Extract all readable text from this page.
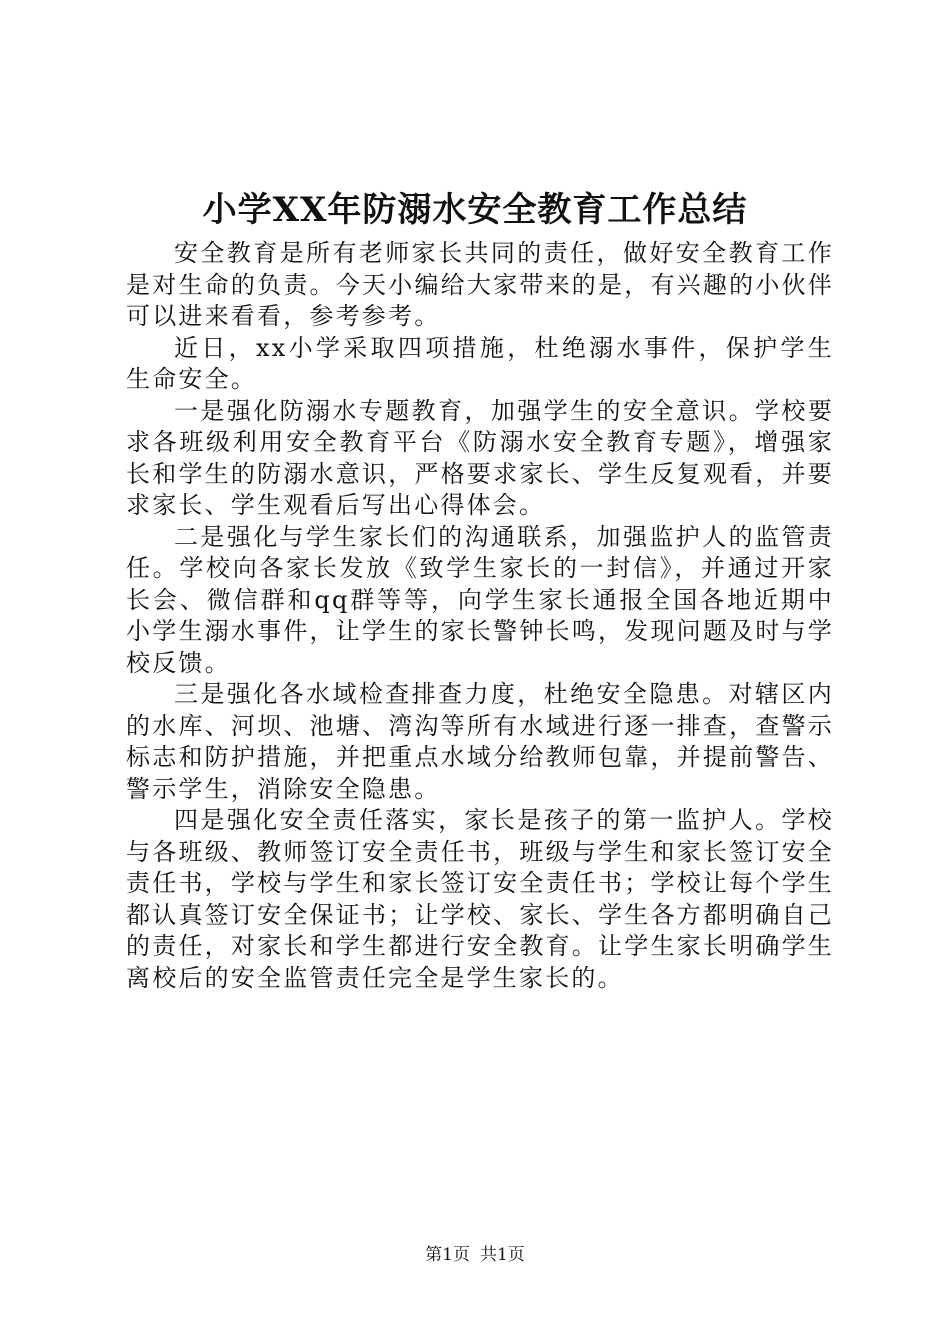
小学XX年防溺水安全教育工作总结

安全教育是所有老师家长共同的责任，做好安全教育工作是对生命的负责。今天小编给大家带来的是，有兴趣的小伙伴可以进来看看，参考参考。

近日，xx小学采取四项措施，杜绝溺水事件，保护学生生命安全。

一是强化防溺水专题教育，加强学生的安全意识。学校要求各班级利用安全教育平台《防溺水安全教育专题》，增强家长和学生的防溺水意识，严格要求家长、学生反复观看，并要求家长、学生观看后写出心得体会。

二是强化与学生家长们的沟通联系，加强监护人的监管责任。学校向各家长发放《致学生家长的一封信》，并通过开家长会、微信群和qq群等等，向学生家长通报全国各地近期中小学生溺水事件，让学生的家长警钟长鸣，发现问题及时与学校反馈。

三是强化各水域检查排查力度，杜绝安全隐患。对辖区内的水库、河坝、池塘、湾沟等所有水域进行逐一排查，查警示标志和防护措施，并把重点水域分给教师包靠，并提前警告、警示学生，消除安全隐患。

四是强化安全责任落实，家长是孩子的第一监护人。学校与各班级、教师签订安全责任书，班级与学生和家长签订安全责任书，学校与学生和家长签订安全责任书；学校让每个学生都认真签订安全保证书；让学校、家长、学生各方都明确自己的责任，对家长和学生都进行安全教育。让学生家长明确学生离校后的安全监管责任完全是学生家长的。

第1页 共1页
